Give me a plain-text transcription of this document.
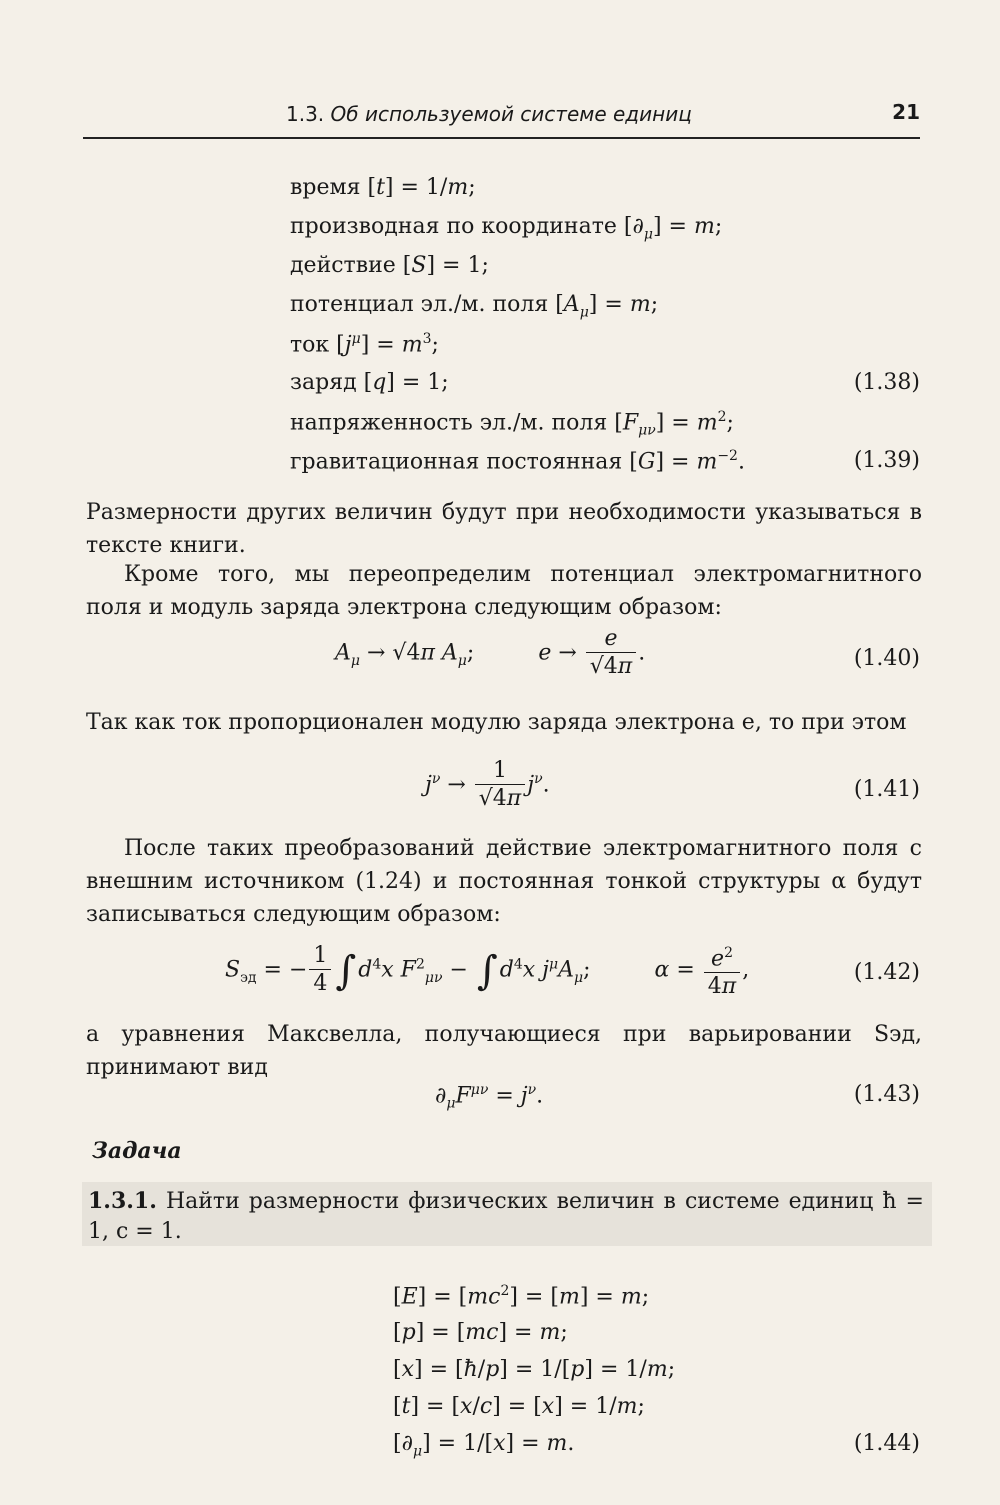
1.3. Об используемой системе единиц	21
время [t] = 1/m;
производная по координате $[\partial_\mu] = m$;
действие [S] = 1;
потенциал эл./м. поля $[A_\mu] = m$;
ток $[j^\mu] = m^3$;
заряд [q] = 1;	(1.38)
напряженность эл./м. поля $[F_{\mu\nu}] = m^2$;
гравитационная постоянная $[G] = m^{-2}$.	(1.39)
Размерности других величин будут при необходимости указываться в тексте книги.
Кроме того, мы переопределим потенциал электромагнитного поля и модуль заряда электрона следующим образом:
$A_\mu \to √4\pi$ $A_\mu$;	$e \to \frac{e}{√4\pi}$ .	(1.40)
Так как ток пропорционален модулю заряда электрона e, то при этом
$j^\nu \to \frac{1}{√4\pi} j^\nu$.	(1.41)
После таких преобразований действие электромагнитного поля с внешним источником (1.24) и постоянная тонкой структуры α будут записываться следующим образом:
$S_{эд}$ = − $\frac{1}{4} \int d^4x$ $F^2_{\mu\nu} - \int d^4x$ $j^\mu A_\mu$;	$\alpha = \frac{e^2}{4\pi}$ ,	(1.42)
а уравнения Максвелла, получающиеся при варьировании Sэд, принимают вид
$\partial_\mu F^{\mu\nu} = j^\nu$.	(1.43)
Задача
1.3.1. Найти размерности физических величин в системе единиц ħ = 1, c = 1.
$[E] = [mc^2] = [m] = m$;
[p] = [mc] = m;
[x] = [ħ/p] = 1/[p] = 1/m;
[t] = [x/c] = [x] = 1/m;
$[\partial_\mu] = 1/[x] = m$.	(1.44)
